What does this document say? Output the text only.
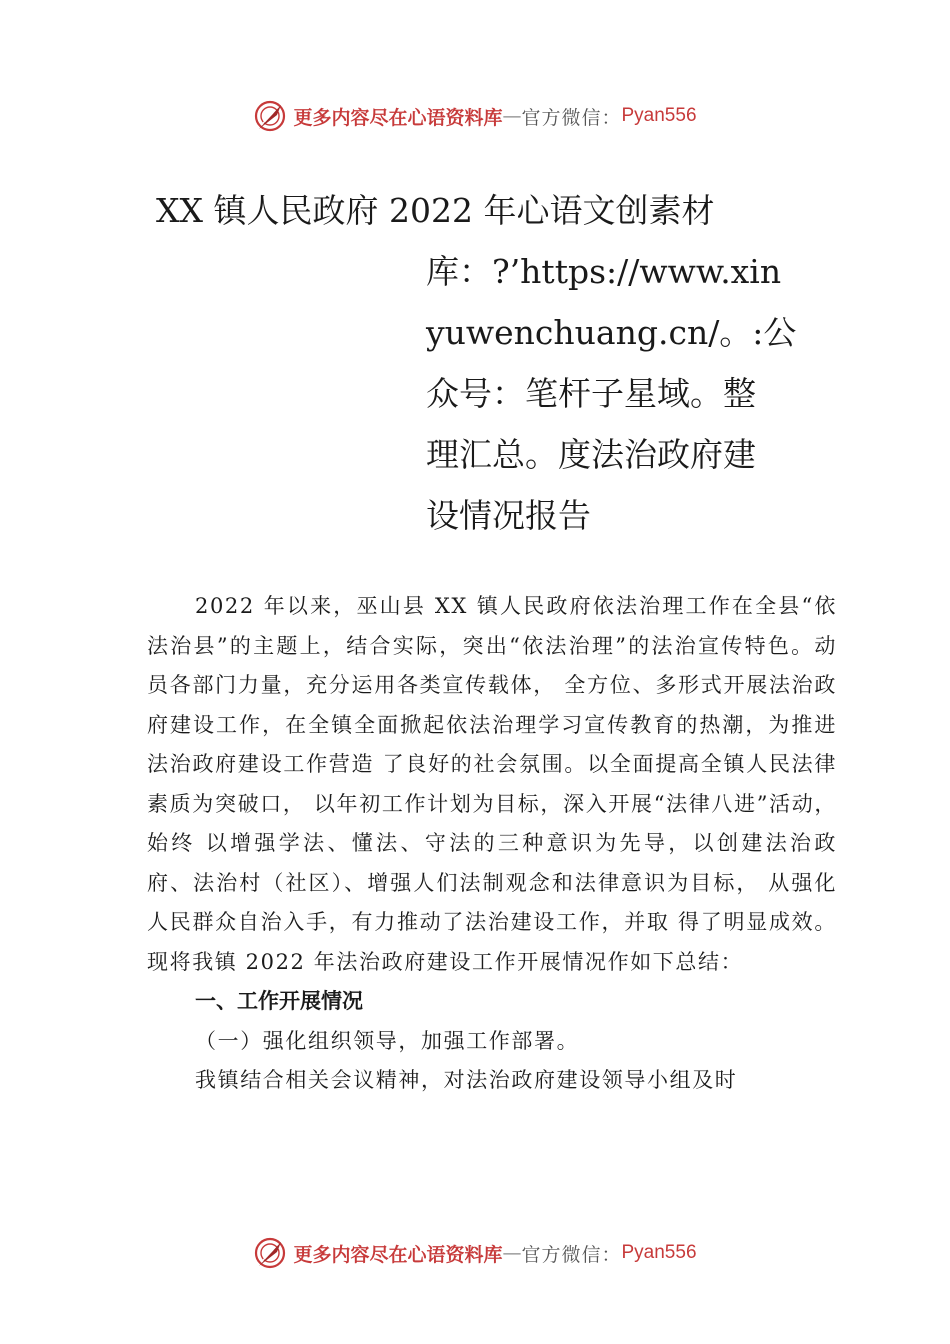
更多内容尽在心语资料库 — 官方微信： Pyan556
XX 镇人民政府 2022 年心语文创素材
库：?’https://www.xin
yuwenchuang.cn/。:公
众号：笔杆子星域。整
理汇总。度法治政府建
设情况报告

2022 年以来，巫山县 XX 镇人民政府依法治理工作在全县“依法治县”的主题上，结合实际，突出“依法治理”的法治宣传特色。动员各部门力量，充分运用各类宣传载体， 全方位、多形式开展法治政府建设工作，在全镇全面掀起依法治理学习宣传教育的热潮，为推进法治政府建设工作营造 了良好的社会氛围。以全面提高全镇人民法律素质为突破口， 以年初工作计划为目标，深入开展“法律八进”活动，始终 以增强学法、懂法、守法的三种意识为先导，以创建法治政 府、法治村（社区）、增强人们法制观念和法律意识为目标， 从强化人民群众自治入手，有力推动了法治建设工作，并取 得了明显成效。现将我镇 2022 年法治政府建设工作开展情况作如下总结：

一、工作开展情况

（一）强化组织领导，加强工作部署。

我镇结合相关会议精神，对法治政府建设领导小组及时

更多内容尽在心语资料库 — 官方微信： Pyan556
